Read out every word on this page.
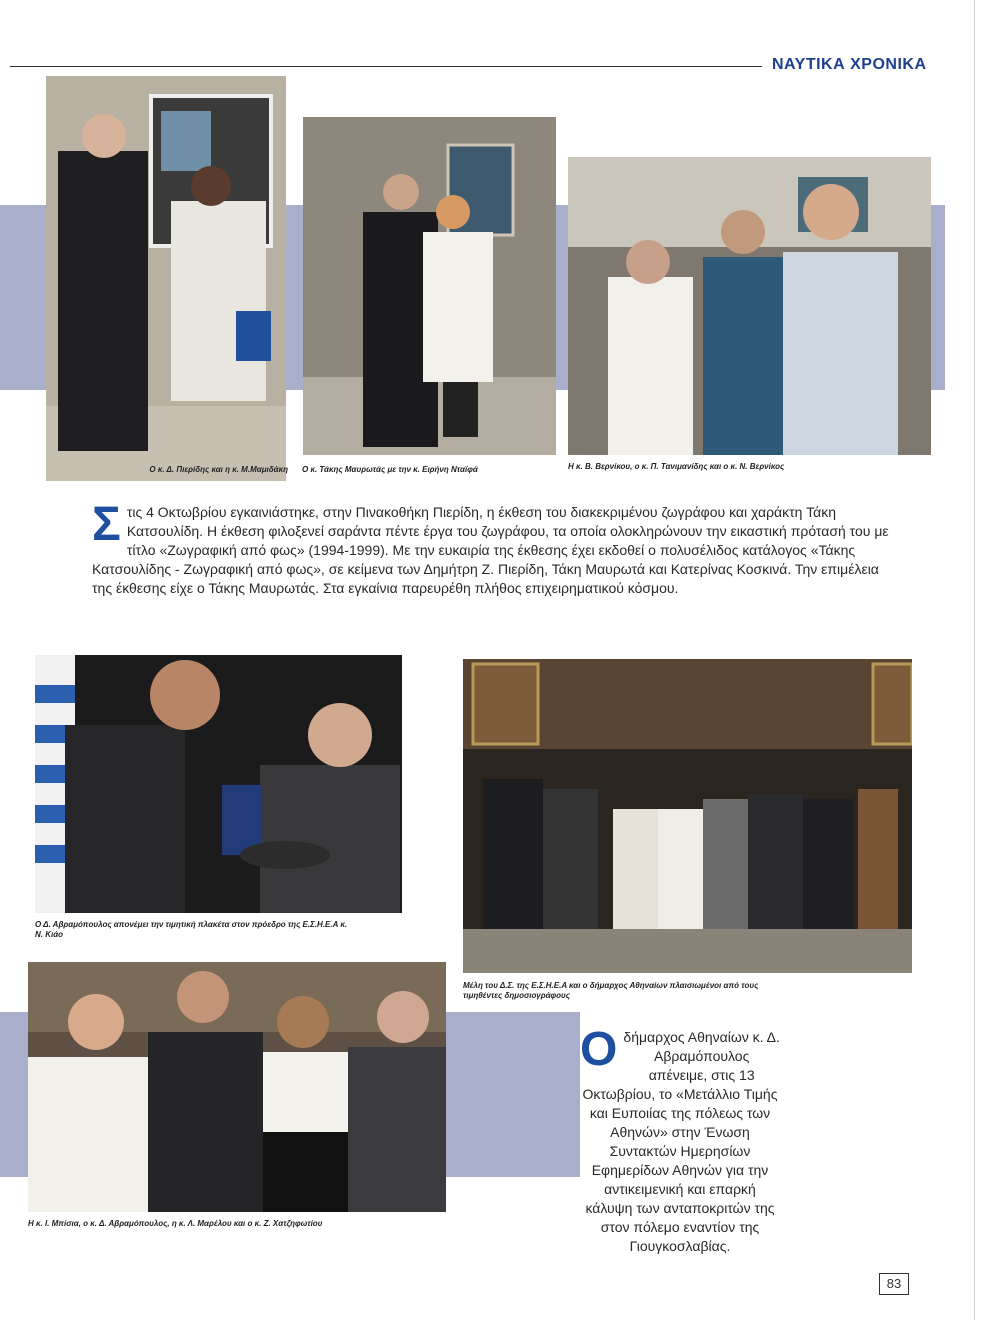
ΝΑΥΤΙΚΑ ΧΡΟΝΙΚΑ
Ο κ. Δ. Πιερίδης και η κ. Μ.Μαμιδάκη Ο κ. Τάκης Μαυρωτάς με την κ. Ειρήνη Νταϊφά	Η κ. Β. Βερνίκου, ο κ. Π. Τανιμανίδης και ο κ. Ν. Βερνίκος
Στις 4 Οκτωβρίου εγκαινιάστηκε, στην Πινακοθήκη Πιερίδη, η έκθεση του διακεκριμένου ζωγράφου και χαράκτη Τάκη Κατσουλίδη. Η έκθεση φιλοξενεί σαράντα πέντε έργα του ζωγράφου, τα οποία ολοκληρώνουν την εικαστική πρότασή του με τίτλο «Ζωγραφική από φως» (1994-1999). Με την ευκαιρία της έκθεσης έχει εκδοθεί ο πολυσέλιδος κατάλογος «Τάκης Κατσουλίδης - Ζωγραφική από φως», σε κείμενα των Δημήτρη Ζ. Πιερίδη, Τάκη Μαυρωτά και Κατερίνας Κοσκινά. Την επιμέλεια της έκθεσης είχε ο Τάκης Μαυρωτάς. Στα εγκαίνια παρευρέθη πλήθος επιχειρηματικού κόσμου.
Ο Δ. Αβραμόπουλος απονέμει την τιμητική πλακέτα στον πρόεδρο της Ε.Σ.Η.Ε.Α κ. Ν. Κιάο
Μέλη του Δ.Σ. της Ε.Σ.Η.Ε.Α και ο δήμαρχος Αθηναίων πλαισιωμένοι από τους τιμηθέντες δημοσιογράφους
Η κ. Ι. Μπίσια, ο κ. Δ. Αβραμόπουλος, η κ. Λ. Μαρέλου και ο κ. Ζ. Χατζηφωτίου
Οδήμαρχος Αθηναίων κ. Δ. Αβραμόπουλος απένειμε, στις 13 Οκτωβρίου, το «Μετάλλιο Τιμής και Ευποιίας της πόλεως των Αθηνών» στην Ένωση Συντακτών Ημερησίων Εφημερίδων Αθηνών για την αντικειμενική και επαρκή κάλυψη των ανταποκριτών της στον πόλεμο εναντίον της Γιουγκοσλαβίας.
83
